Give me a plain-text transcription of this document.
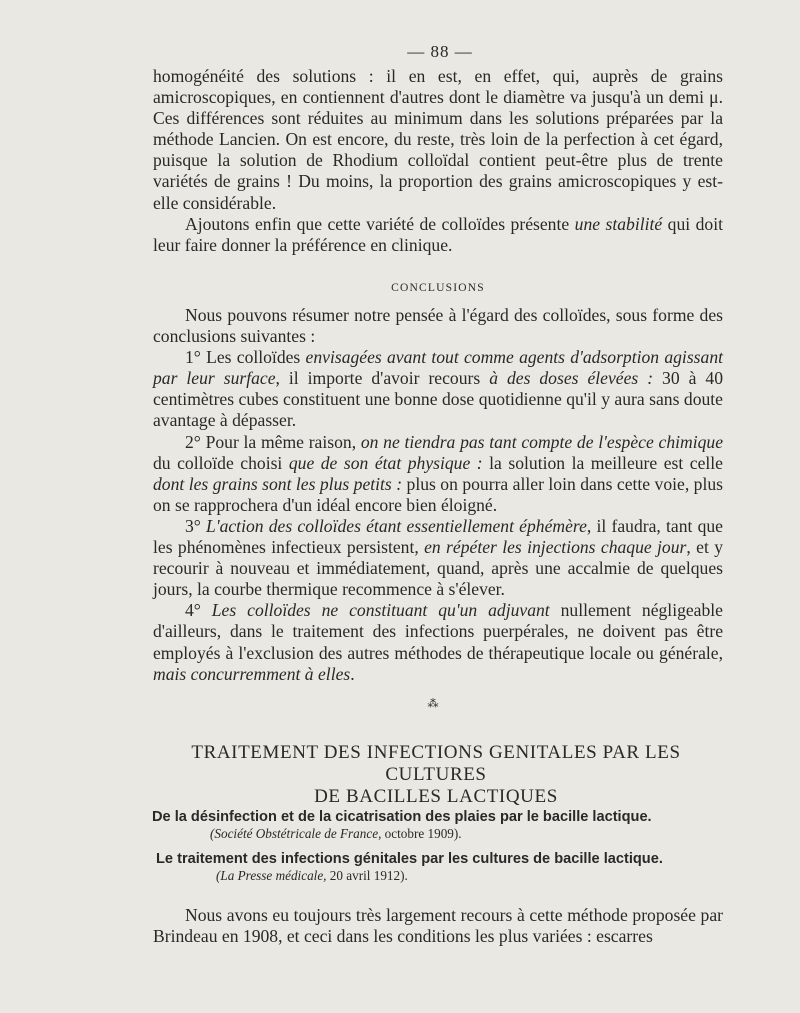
— 88 —

homogénéité des solutions : il en est, en effet, qui, auprès de grains amicroscopiques, en contiennent d'autres dont le diamètre va jusqu'à un demi μ. Ces différences sont réduites au minimum dans les solutions préparées par la méthode Lancien. On est encore, du reste, très loin de la perfection à cet égard, puisque la solution de Rhodium colloïdal contient peut-être plus de trente variétés de grains ! Du moins, la proportion des grains amicroscopiques y est-elle considérable.

Ajoutons enfin que cette variété de colloïdes présente une stabilité qui doit leur faire donner la préférence en clinique.

CONCLUSIONS

Nous pouvons résumer notre pensée à l'égard des colloïdes, sous forme des conclusions suivantes :

1° Les colloïdes envisagées avant tout comme agents d'adsorption agissant par leur surface, il importe d'avoir recours à des doses élevées : 30 à 40 centimètres cubes constituent une bonne dose quotidienne qu'il y aura sans doute avantage à dépasser.

2° Pour la même raison, on ne tiendra pas tant compte de l'espèce chimique du colloïde choisi que de son état physique : la solution la meilleure est celle dont les grains sont les plus petits : plus on pourra aller loin dans cette voie, plus on se rapprochera d'un idéal encore bien éloigné.

3° L'action des colloïdes étant essentiellement éphémère, il faudra, tant que les phénomènes infectieux persistent, en répéter les injections chaque jour, et y recourir à nouveau et immédiatement, quand, après une accalmie de quelques jours, la courbe thermique recommence à s'élever.

4° Les colloïdes ne constituant qu'un adjuvant nullement négligeable d'ailleurs, dans le traitement des infections puerpérales, ne doivent pas être employés à l'exclusion des autres méthodes de thérapeutique locale ou générale, mais concurremment à elles.

⁂
TRAITEMENT DES INFECTIONS GENITALES PAR LES CULTURES
DE BACILLES LACTIQUES
De la désinfection et de la cicatrisation des plaies par le bacille lactique.
(Société Obstétricale de France, octobre 1909).
Le traitement des infections génitales par les cultures de bacille lactique.
(La Presse médicale, 20 avril 1912).

Nous avons eu toujours très largement recours à cette méthode proposée par Brindeau en 1908, et ceci dans les conditions les plus variées : escarres
